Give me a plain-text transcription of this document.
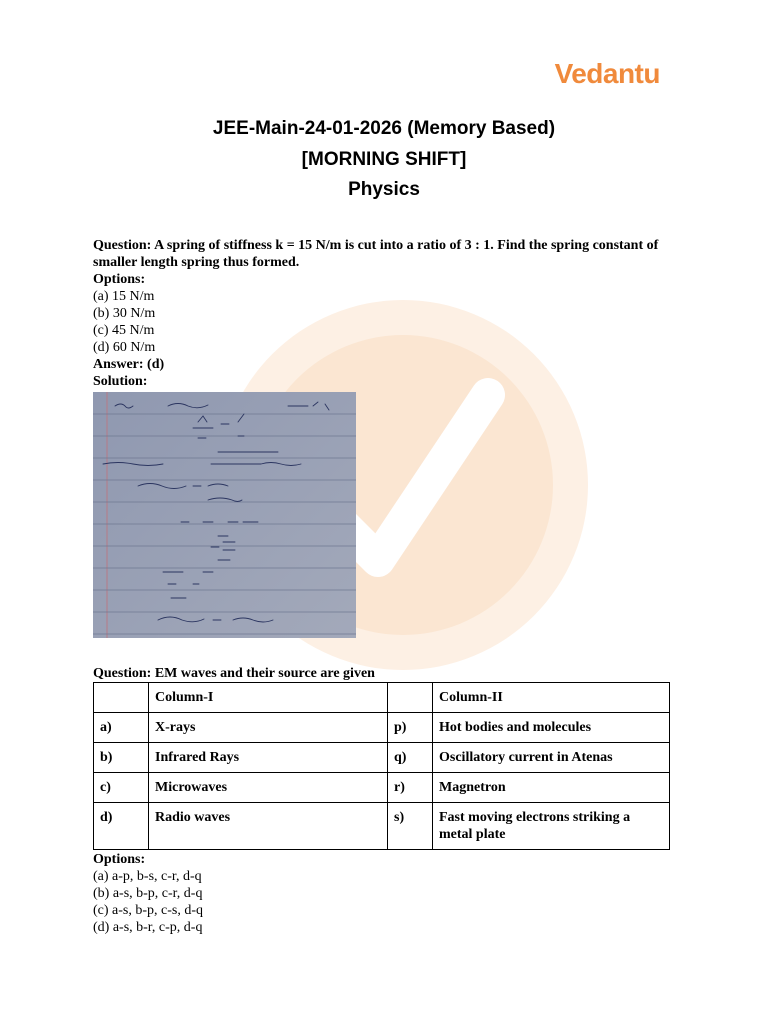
Vedantu
JEE-Main-24-01-2026 (Memory Based)
[MORNING SHIFT]
Physics
Question: A spring of stiffness k = 15 N/m is cut into a ratio of 3 : 1. Find the spring constant of smaller length spring thus formed.
Options:
(a) 15 N/m
(b) 30 N/m
(c) 45 N/m
(d) 60 N/m
Answer: (d)
Solution:
Question: EM waves and their source are given
	Column-I		Column-II
a)	X-rays	p)	Hot bodies and molecules
b)	Infrared Rays	q)	Oscillatory current in Atenas
c)	Microwaves	r)	Magnetron
d)	Radio waves	s)	Fast moving electrons striking a metal plate
Options:
(a) a-p, b-s, c-r, d-q
(b) a-s, b-p, c-r, d-q
(c) a-s, b-p, c-s, d-q
(d) a-s, b-r, c-p, d-q
